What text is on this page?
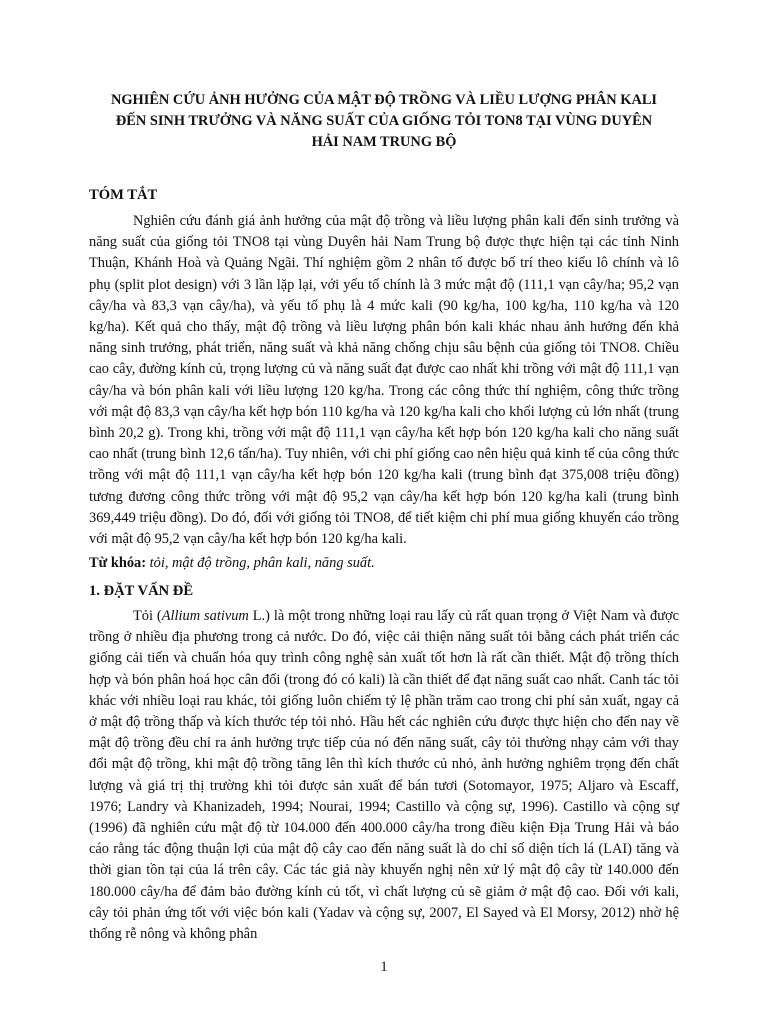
NGHIÊN CỨU ẢNH HƯỞNG CỦA MẬT ĐỘ TRỒNG VÀ LIỀU LƯỢNG PHÂN KALI
ĐẾN SINH TRƯỞNG VÀ NĂNG SUẤT CỦA GIỐNG TỎI TON8 TẠI VÙNG DUYÊN
HẢI NAM TRUNG BỘ
TÓM TẮT

Nghiên cứu đánh giá ảnh hưởng của mật độ trồng và liều lượng phân kali đến sinh trưởng và năng suất của giống tỏi TNO8 tại vùng Duyên hải Nam Trung bộ được thực hiện tại các tỉnh Ninh Thuận, Khánh Hoà và Quảng Ngãi. Thí nghiệm gồm 2 nhân tố được bố trí theo kiểu lô chính và lô phụ (split plot design) với 3 lần lặp lại, với yếu tố chính là 3 mức mật độ (111,1 vạn cây/ha; 95,2 vạn cây/ha và 83,3 vạn cây/ha), và yếu tố phụ là 4 mức kali (90 kg/ha, 100 kg/ha, 110 kg/ha và 120 kg/ha). Kết quả cho thấy, mật độ trồng và liều lượng phân bón kali khác nhau ảnh hưởng đến khả năng sinh trưởng, phát triển, năng suất và khả năng chống chịu sâu bệnh của giống tỏi TNO8. Chiều cao cây, đường kính củ, trọng lượng củ và năng suất đạt được cao nhất khi trồng với mật độ 111,1 vạn cây/ha và bón phân kali với liều lượng 120 kg/ha. Trong các công thức thí nghiệm, công thức trồng với mật độ 83,3 vạn cây/ha kết hợp bón 110 kg/ha và 120 kg/ha kali cho khối lượng củ lớn nhất (trung bình 20,2 g). Trong khi, trồng với mật độ 111,1 vạn cây/ha kết hợp bón 120 kg/ha kali cho năng suất cao nhất (trung bình 12,6 tấn/ha). Tuy nhiên, với chi phí giống cao nên hiệu quả kinh tế của công thức trồng với mật độ 111,1 vạn cây/ha kết hợp bón 120 kg/ha kali (trung bình đạt 375,008 triệu đồng) tương đương công thức trồng với mật độ 95,2 vạn cây/ha kết hợp bón 120 kg/ha kali (trung bình 369,449 triệu đồng). Do đó, đối với giống tỏi TNO8, để tiết kiệm chi phí mua giống khuyến cáo trồng với mật độ 95,2 vạn cây/ha kết hợp bón 120 kg/ha kali.

Từ khóa: tỏi, mật độ trồng, phân kali, năng suất.
1. ĐẶT VẤN ĐỀ

Tỏi (Allium sativum L.) là một trong những loại rau lấy củ rất quan trọng ở Việt Nam và được trồng ở nhiều địa phương trong cả nước. Do đó, việc cải thiện năng suất tỏi bằng cách phát triển các giống cải tiến và chuẩn hóa quy trình công nghệ sản xuất tốt hơn là rất cần thiết. Mật độ trồng thích hợp và bón phân hoá học cân đối (trong đó có kali) là cần thiết để đạt năng suất cao nhất. Canh tác tỏi khác với nhiều loại rau khác, tỏi giống luôn chiếm tỷ lệ phần trăm cao trong chi phí sản xuất, ngay cả ở mật độ trồng thấp và kích thước tép tỏi nhỏ. Hầu hết các nghiên cứu được thực hiện cho đến nay về mật độ trồng đều chỉ ra ảnh hưởng trực tiếp của nó đến năng suất, cây tỏi thường nhạy cảm với thay đổi mật độ trồng, khi mật độ trồng tăng lên thì kích thước củ nhỏ, ảnh hưởng nghiêm trọng đến chất lượng và giá trị thị trường khi tỏi được sản xuất để bán tươi (Sotomayor, 1975; Aljaro và Escaff, 1976; Landry và Khanizadeh, 1994; Nourai, 1994; Castillo và cộng sự, 1996). Castillo và cộng sự (1996) đã nghiên cứu mật độ từ 104.000 đến 400.000 cây/ha trong điều kiện Địa Trung Hải và báo cáo rằng tác động thuận lợi của mật độ cây cao đến năng suất là do chỉ số diện tích lá (LAI) tăng và thời gian tồn tại của lá trên cây. Các tác giả này khuyến nghị nên xử lý mật độ cây từ 140.000 đến 180.000 cây/ha để đảm bảo đường kính củ tốt, vì chất lượng củ sẽ giảm ở mật độ cao. Đối với kali, cây tỏi phản ứng tốt với việc bón kali (Yadav và cộng sự, 2007, El Sayed và El Morsy, 2012) nhờ hệ thống rễ nông và không phân

1
